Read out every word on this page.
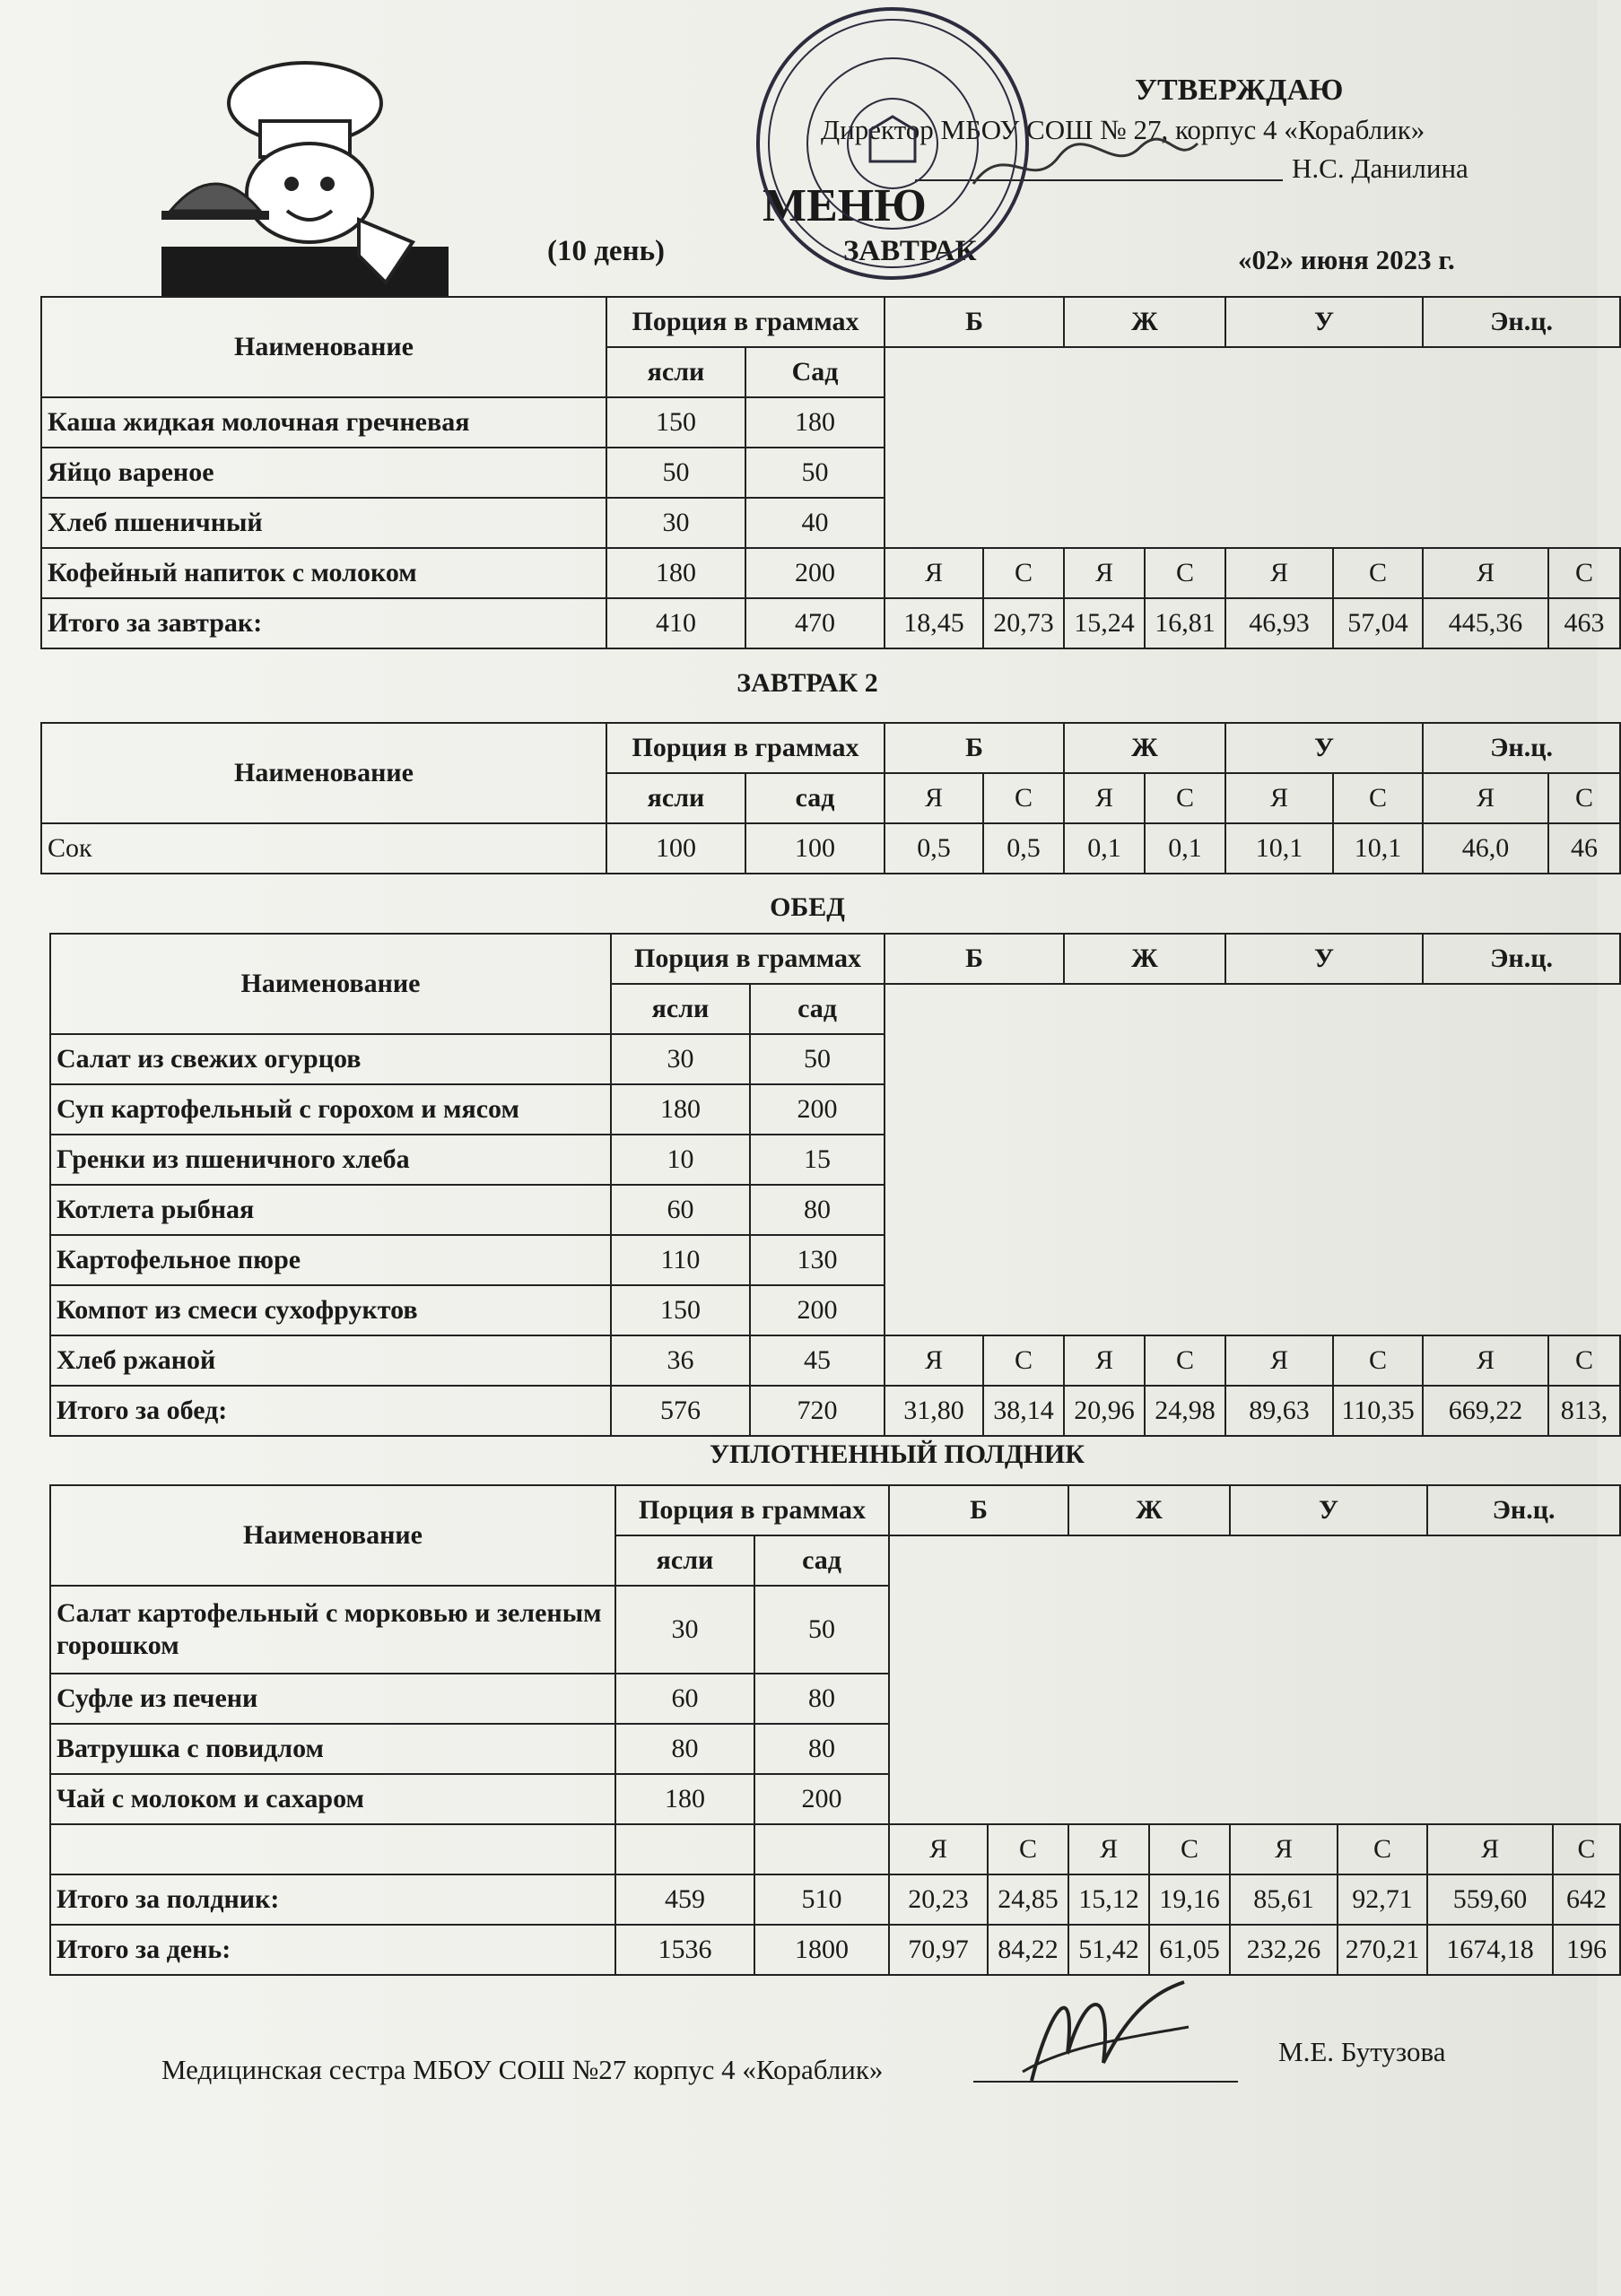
УТВЕРЖДАЮ
Директор МБОУ СОШ № 27, корпус 4 «Кораблик»
Н.С. Данилина
МЕНЮ
(10 день)	ЗАВТРАК	«02» июня 2023 г.
Наименование	Порция в граммах		Б		Ж		У		Эн.ц.	
	ясли	Сад								
Каша жидкая молочная гречневая	150	180								
Яйцо вареное	50	50								
Хлеб пшеничный	30	40								
Кофейный напиток с молоком	180	200	Я	С	Я	С	Я	С	Я	С
Итого за завтрак:	410	470	18,45	20,73	15,24	16,81	46,93	57,04	445,36	463
ЗАВТРАК 2
Наименование	Порция в граммах		Б		Ж		У		Эн.ц.	
	ясли	сад	Я	С	Я	С	Я	С	Я	С
Сок	100	100	0,5	0,5	0,1	0,1	10,1	10,1	46,0	46
ОБЕД
Наименование	Порция в граммах		Б		Ж		У		Эн.ц.	
	ясли	сад								
Салат из свежих огурцов	30	50								
Суп картофельный с горохом и мясом	180	200								
Гренки из пшеничного хлеба	10	15								
Котлета рыбная	60	80								
Картофельное пюре	110	130								
Компот из смеси сухофруктов	150	200								
Хлеб ржаной	36	45	Я	С	Я	С	Я	С	Я	С
Итого за обед:	576	720	31,80	38,14	20,96	24,98	89,63	110,35	669,22	813,
УПЛОТНЕННЫЙ ПОЛДНИК
Наименование	Порция в граммах		Б		Ж		У		Эн.ц.	
	ясли	сад								
Салат картофельный с морковью и зеленым горошком	30	50								
Суфле из печени	60	80								
Ватрушка с повидлом	80	80								
Чай с молоком и сахаром	180	200								
			Я	С	Я	С	Я	С	Я	С
Итого за полдник:	459	510	20,23	24,85	15,12	19,16	85,61	92,71	559,60	642
Итого за день:	1536	1800	70,97	84,22	51,42	61,05	232,26	270,21	1674,18	196
Медицинская сестра МБОУ СОШ №27 корпус 4 «Кораблик»
М.Е. Бутузова
